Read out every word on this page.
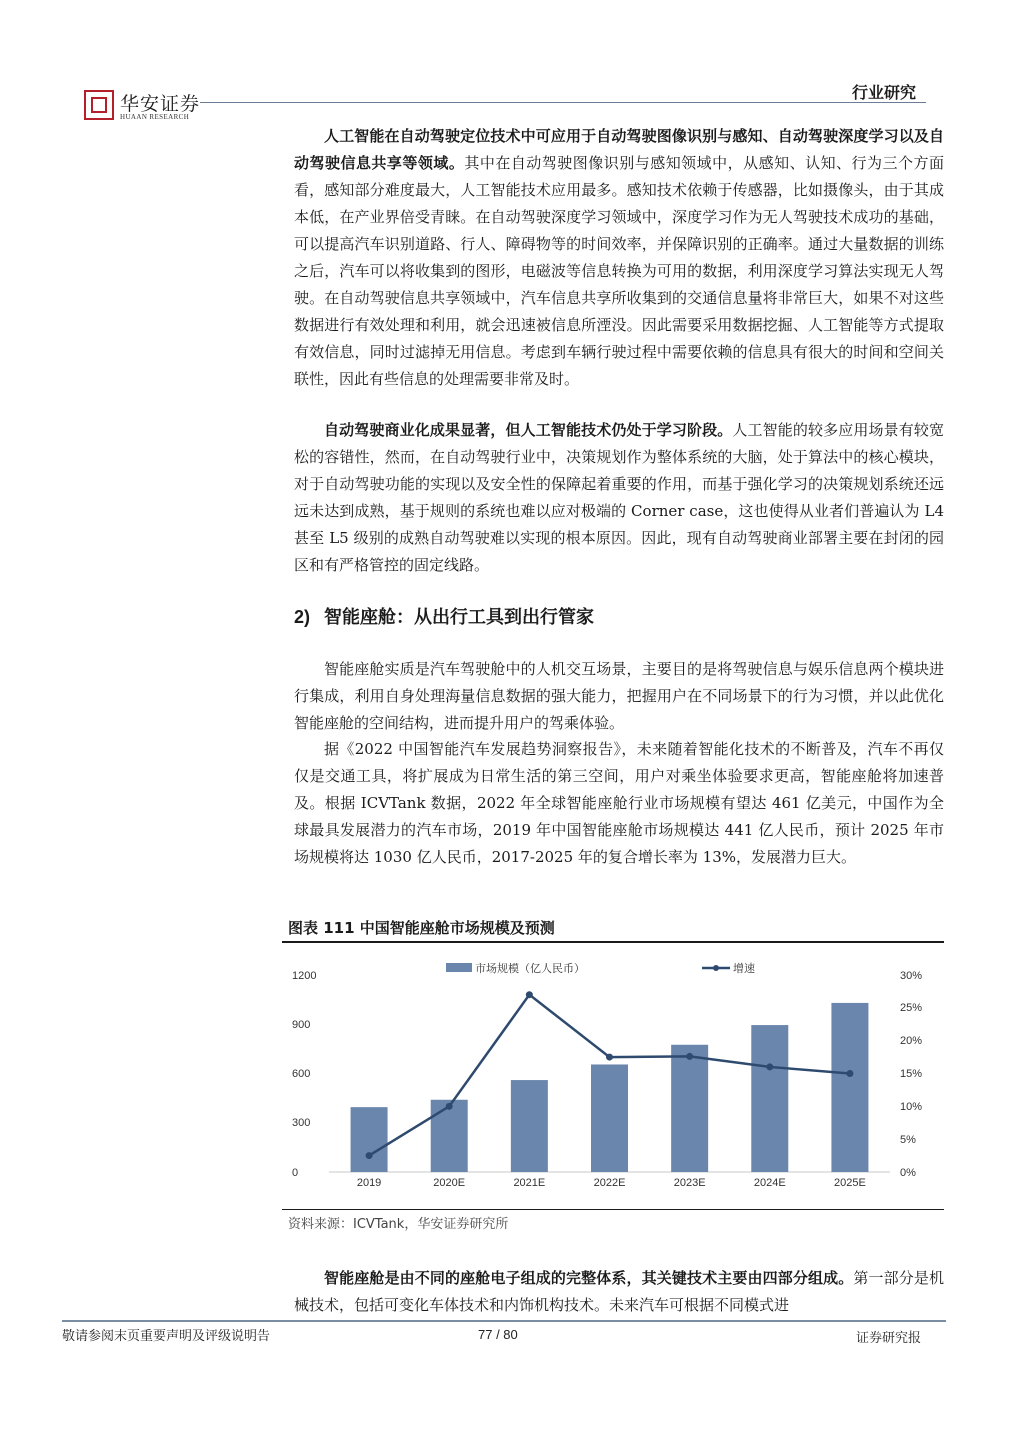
华安证券
HUAAN RESEARCH
行业研究

人工智能在自动驾驶定位技术中可应用于自动驾驶图像识别与感知、自动驾驶深度学习以及自动驾驶信息共享等领域。其中在自动驾驶图像识别与感知领域中，从感知、认知、行为三个方面看，感知部分难度最大，人工智能技术应用最多。感知技术依赖于传感器，比如摄像头，由于其成本低，在产业界倍受青睐。在自动驾驶深度学习领域中，深度学习作为无人驾驶技术成功的基础，可以提高汽车识别道路、行人、障碍物等的时间效率，并保障识别的正确率。通过大量数据的训练之后，汽车可以将收集到的图形，电磁波等信息转换为可用的数据，利用深度学习算法实现无人驾驶。在自动驾驶信息共享领域中，汽车信息共享所收集到的交通信息量将非常巨大，如果不对这些数据进行有效处理和利用，就会迅速被信息所湮没。因此需要采用数据挖掘、人工智能等方式提取有效信息，同时过滤掉无用信息。考虑到车辆行驶过程中需要依赖的信息具有很大的时间和空间关联性，因此有些信息的处理需要非常及时。

自动驾驶商业化成果显著，但人工智能技术仍处于学习阶段。人工智能的较多应用场景有较宽松的容错性，然而，在自动驾驶行业中，决策规划作为整体系统的大脑，处于算法中的核心模块，对于自动驾驶功能的实现以及安全性的保障起着重要的作用，而基于强化学习的决策规划系统还远远未达到成熟，基于规则的系统也难以应对极端的 Corner case，这也使得从业者们普遍认为 L4 甚至 L5 级别的成熟自动驾驶难以实现的根本原因。因此，现有自动驾驶商业部署主要在封闭的园区和有严格管控的固定线路。

2) 智能座舱：从出行工具到出行管家

智能座舱实质是汽车驾驶舱中的人机交互场景，主要目的是将驾驶信息与娱乐信息两个模块进行集成，利用自身处理海量信息数据的强大能力，把握用户在不同场景下的行为习惯，并以此优化智能座舱的空间结构，进而提升用户的驾乘体验。

据《2022 中国智能汽车发展趋势洞察报告》，未来随着智能化技术的不断普及，汽车不再仅仅是交通工具，将扩展成为日常生活的第三空间，用户对乘坐体验要求更高，智能座舱将加速普及。根据 ICVTank 数据，2022 年全球智能座舱行业市场规模有望达 461 亿美元，中国作为全球最具发展潜力的汽车市场，2019 年中国智能座舱市场规模达 441 亿人民币，预计 2025 年市场规模将达 1030 亿人民币，2017-2025 年的复合增长率为 13%，发展潜力巨大。

图表 111 中国智能座舱市场规模及预测
市场规模（亿人民币）	增速
0
300
600
900
1200
0%
5%
10%
15%
20%
25%
30%
2019	2020E	2021E	2022E	2023E	2024E	2025E
资料来源：ICVTank，华安证券研究所

智能座舱是由不同的座舱电子组成的完整体系，其关键技术主要由四部分组成。第一部分是机械技术，包括可变化车体技术和内饰机构技术。未来汽车可根据不同模式进

敬请参阅末页重要声明及评级说明告	77 / 80	证券研究报
